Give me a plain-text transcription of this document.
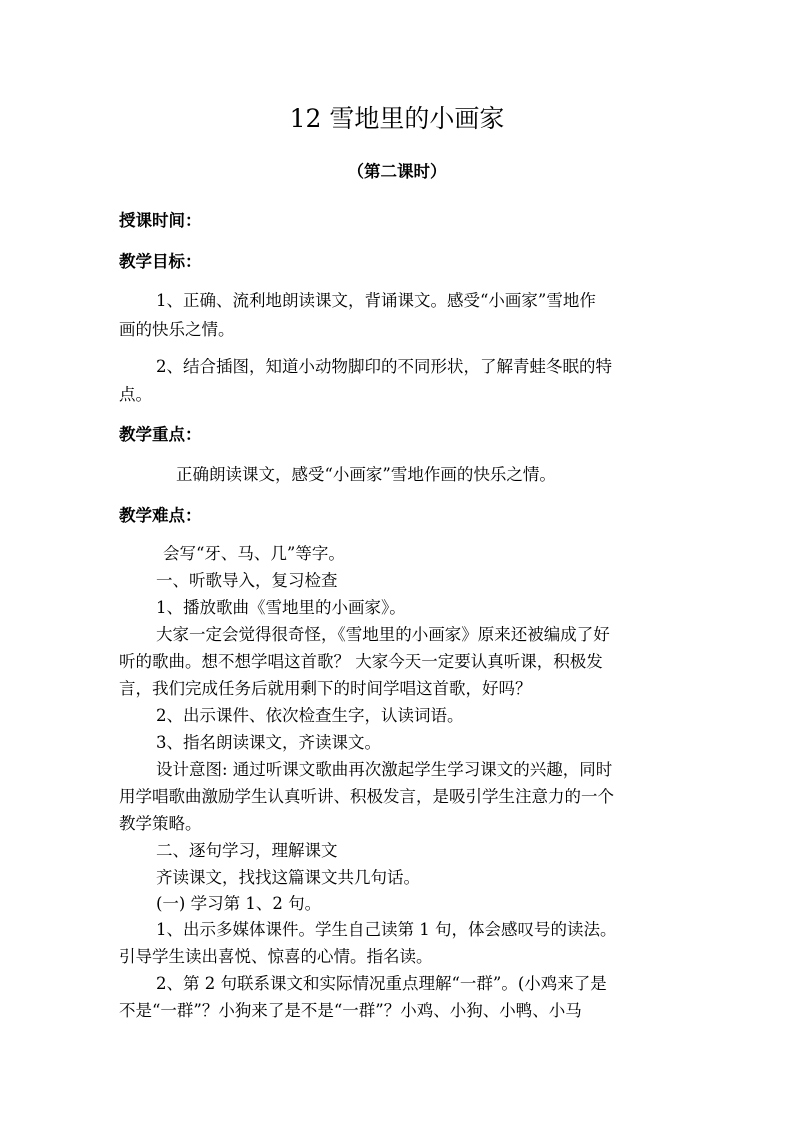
12 雪地里的小画家
（第二课时）
授课时间：
教学目标：
1、正确、流利地朗读课文，背诵课文。感受“小画家”雪地作
画的快乐之情。
2、结合插图，知道小动物脚印的不同形状，了解青蛙冬眠的特
点。
教学重点：
正确朗读课文，感受“小画家”雪地作画的快乐之情。
教学难点：
会写“牙、马、几”等字。
一、听歌导入，复习检查
1、播放歌曲《雪地里的小画家》。
大家一定会觉得很奇怪，《雪地里的小画家》原来还被编成了好
听的歌曲。想不想学唱这首歌？ 大家今天一定要认真听课，积极发
言，我们完成任务后就用剩下的时间学唱这首歌，好吗？
2、出示课件、依次检查生字，认读词语。
3、指名朗读课文，齐读课文。
设计意图: 通过听课文歌曲再次激起学生学习课文的兴趣，同时
用学唱歌曲激励学生认真听讲、积极发言，是吸引学生注意力的一个
教学策略。
二、逐句学习，理解课文
齐读课文，找找这篇课文共几句话。
(一) 学习第 1、2 句。
1、出示多媒体课件。学生自己读第 1 句，体会感叹号的读法。
引导学生读出喜悦、惊喜的心情。指名读。
2、第 2 句联系课文和实际情况重点理解“一群”。(小鸡来了是
不是“一群”？小狗来了是不是“一群”？小鸡、小狗、小鸭、小马
